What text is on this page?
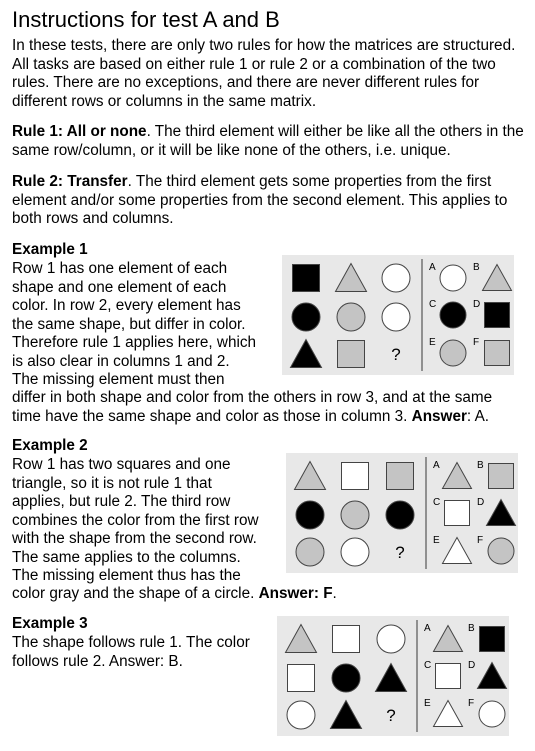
Instructions for test A and B

In these tests, there are only two rules for how the matrices are structured. All tasks are based on either rule 1 or rule 2 or a combination of the two rules. There are no exceptions, and there are never different rules for different rows or columns in the same matrix.

Rule 1: All or none. The third element will either be like all the others in the same row/column, or it will be like none of the others, i.e. unique.

Rule 2: Transfer. The third element gets some properties from the first element and/or some properties from the second element. This applies to both rows and columns.

Example 1
Row 1 has one element of each
shape and one element of each
color. In row 2, every element has
the same shape, but differ in color.
Therefore rule 1 applies here, which
is also clear in columns 1 and 2.
The missing element must then

differ in both shape and color from the others in row 3, and at the same time have the same shape and color as those in column 3. Answer: A.

?
A	B
C	D
E	F
Example 2
Row 1 has two squares and one
triangle, so it is not rule 1 that
applies, but rule 2. The third row
combines the color from the first row
with the shape from the second row.
The same applies to the columns.
The missing element thus has the

color gray and the shape of a circle. Answer: F.

?
A	B
C	D
E	F
Example 3
The shape follows rule 1. The color
follows rule 2. Answer: B.
?
A	B
C	D
E	F
